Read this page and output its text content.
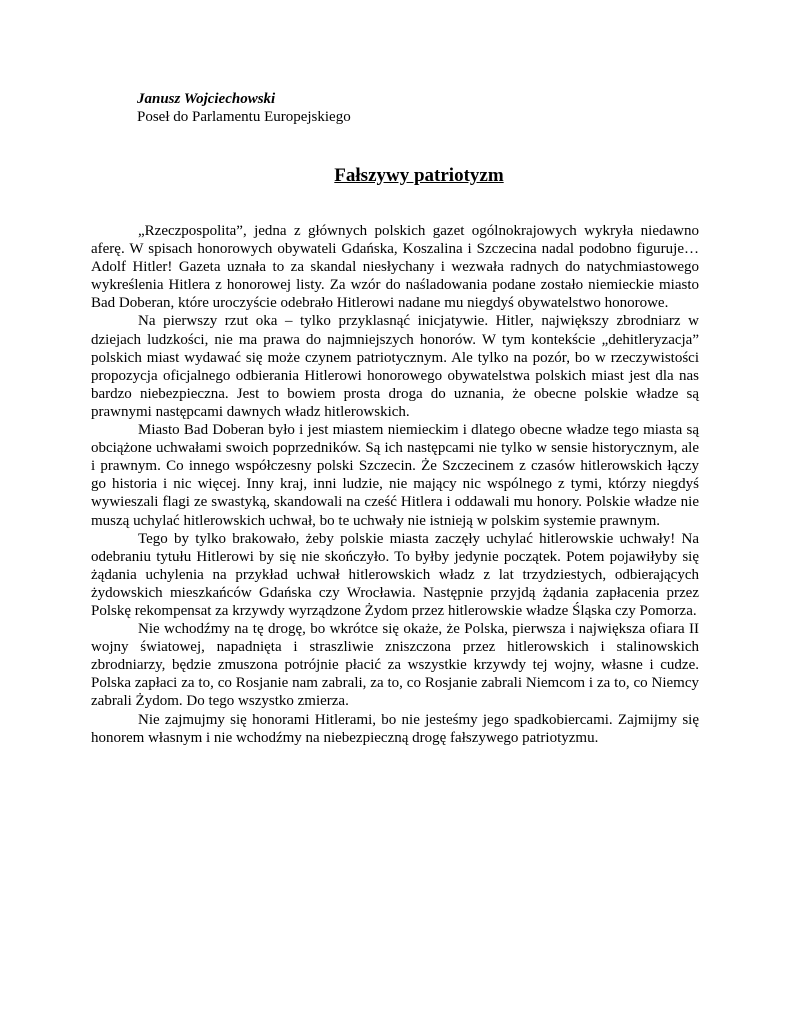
Janusz Wojciechowski
Poseł do Parlamentu Europejskiego
Fałszywy patriotyzm

„Rzeczpospolita”, jedna z głównych polskich gazet ogólnokrajowych wykryła niedawno aferę. W spisach honorowych obywateli Gdańska, Koszalina i Szczecina nadal podobno figuruje… Adolf Hitler! Gazeta uznała to za skandal niesłychany i wezwała radnych do natychmiastowego wykreślenia Hitlera z honorowej listy. Za wzór do naśladowania podane zostało niemieckie miasto Bad Doberan, które uroczyście odebrało Hitlerowi nadane mu niegdyś obywatelstwo honorowe.

Na pierwszy rzut oka – tylko przyklasnąć inicjatywie. Hitler, największy zbrodniarz w dziejach ludzkości, nie ma prawa do najmniejszych honorów. W tym kontekście „dehitleryzacja” polskich miast wydawać się może czynem patriotycznym. Ale tylko na pozór, bo w rzeczywistości propozycja oficjalnego odbierania Hitlerowi honorowego obywatelstwa polskich miast jest dla nas bardzo niebezpieczna. Jest to bowiem prosta droga do uznania, że obecne polskie władze są prawnymi następcami dawnych władz hitlerowskich.

Miasto Bad Doberan było i jest miastem niemieckim i dlatego obecne władze tego miasta są obciążone uchwałami swoich poprzedników. Są ich następcami nie tylko w sensie historycznym, ale i prawnym. Co innego współczesny polski Szczecin. Że Szczecinem z czasów hitlerowskich łączy go historia i nic więcej. Inny kraj, inni ludzie, nie mający nic wspólnego z tymi, którzy niegdyś wywieszali flagi ze swastyką, skandowali na cześć Hitlera i oddawali mu honory. Polskie władze nie muszą uchylać hitlerowskich uchwał, bo te uchwały nie istnieją w polskim systemie prawnym.

Tego by tylko brakowało, żeby polskie miasta zaczęły uchylać hitlerowskie uchwały! Na odebraniu tytułu Hitlerowi by się nie skończyło. To byłby jedynie początek. Potem pojawiłyby się żądania uchylenia na przykład uchwał hitlerowskich władz z lat trzydziestych, odbierających żydowskich mieszkańców Gdańska czy Wrocławia. Następnie przyjdą żądania zapłacenia przez Polskę rekompensat za krzywdy wyrządzone Żydom przez hitlerowskie władze Śląska czy Pomorza.

Nie wchodźmy na tę drogę, bo wkrótce się okaże, że Polska, pierwsza i największa ofiara II wojny światowej, napadnięta i straszliwie zniszczona przez hitlerowskich i stalinowskich zbrodniarzy, będzie zmuszona potrójnie płacić za wszystkie krzywdy tej wojny, własne i cudze. Polska zapłaci za to, co Rosjanie nam zabrali, za to, co Rosjanie zabrali Niemcom i za to, co Niemcy zabrali Żydom. Do tego wszystko zmierza.

Nie zajmujmy się honorami Hitlerami, bo nie jesteśmy jego spadkobiercami. Zajmijmy się honorem własnym i nie wchodźmy na niebezpieczną drogę fałszywego patriotyzmu.
